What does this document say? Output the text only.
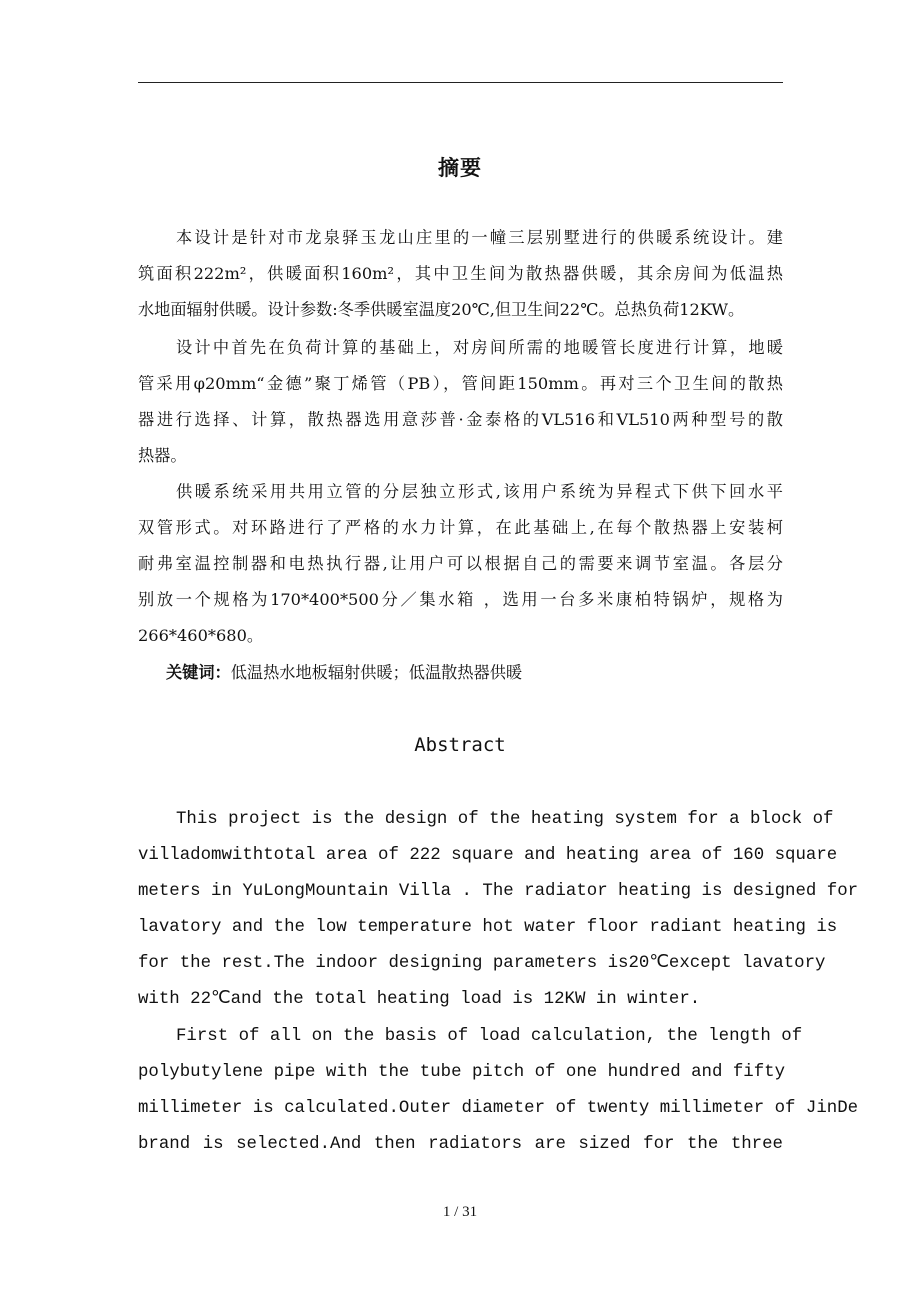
摘要
本设计是针对市龙泉驿玉龙山庄里的一幢三层别墅进行的供暖系统设计。建
筑面积222m²，供暖面积160m²，其中卫生间为散热器供暖，其余房间为低温热
水地面辐射供暖。设计参数:冬季供暖室温度20℃,但卫生间22℃。总热负荷12KW。
设计中首先在负荷计算的基础上，对房间所需的地暖管长度进行计算，地暖
管采用φ20mm“金德”聚丁烯管（PB），管间距150mm。再对三个卫生间的散热
器进行选择、计算，散热器选用意莎普·金泰格的VL516和VL510两种型号的散
热器。
供暖系统采用共用立管的分层独立形式,该用户系统为异程式下供下回水平
双管形式。对环路进行了严格的水力计算，在此基础上,在每个散热器上安装柯
耐弗室温控制器和电热执行器,让用户可以根据自己的需要来调节室温。各层分
别放一个规格为170*400*500分／集水箱 ，选用一台多米康柏特锅炉，规格为
266*460*680。
关键词：低温热水地板辐射供暖；低温散热器供暖
Abstract
This project is the design of the heating system for a block of
villadomwithtotal area of 222 square and heating area of 160 square
meters in YuLongMountain Villa . The radiator heating is designed for
lavatory and the low temperature hot water floor radiant heating is
for the rest.The indoor designing parameters is20℃except lavatory
with 22℃and the total heating load is 12KW in winter.
First of all on the basis of load calculation, the length of
polybutylene pipe with the tube pitch of one hundred and fifty
millimeter is calculated.Outer diameter of twenty millimeter of JinDe
brand is selected.And then radiators are sized for the three
1 / 31
